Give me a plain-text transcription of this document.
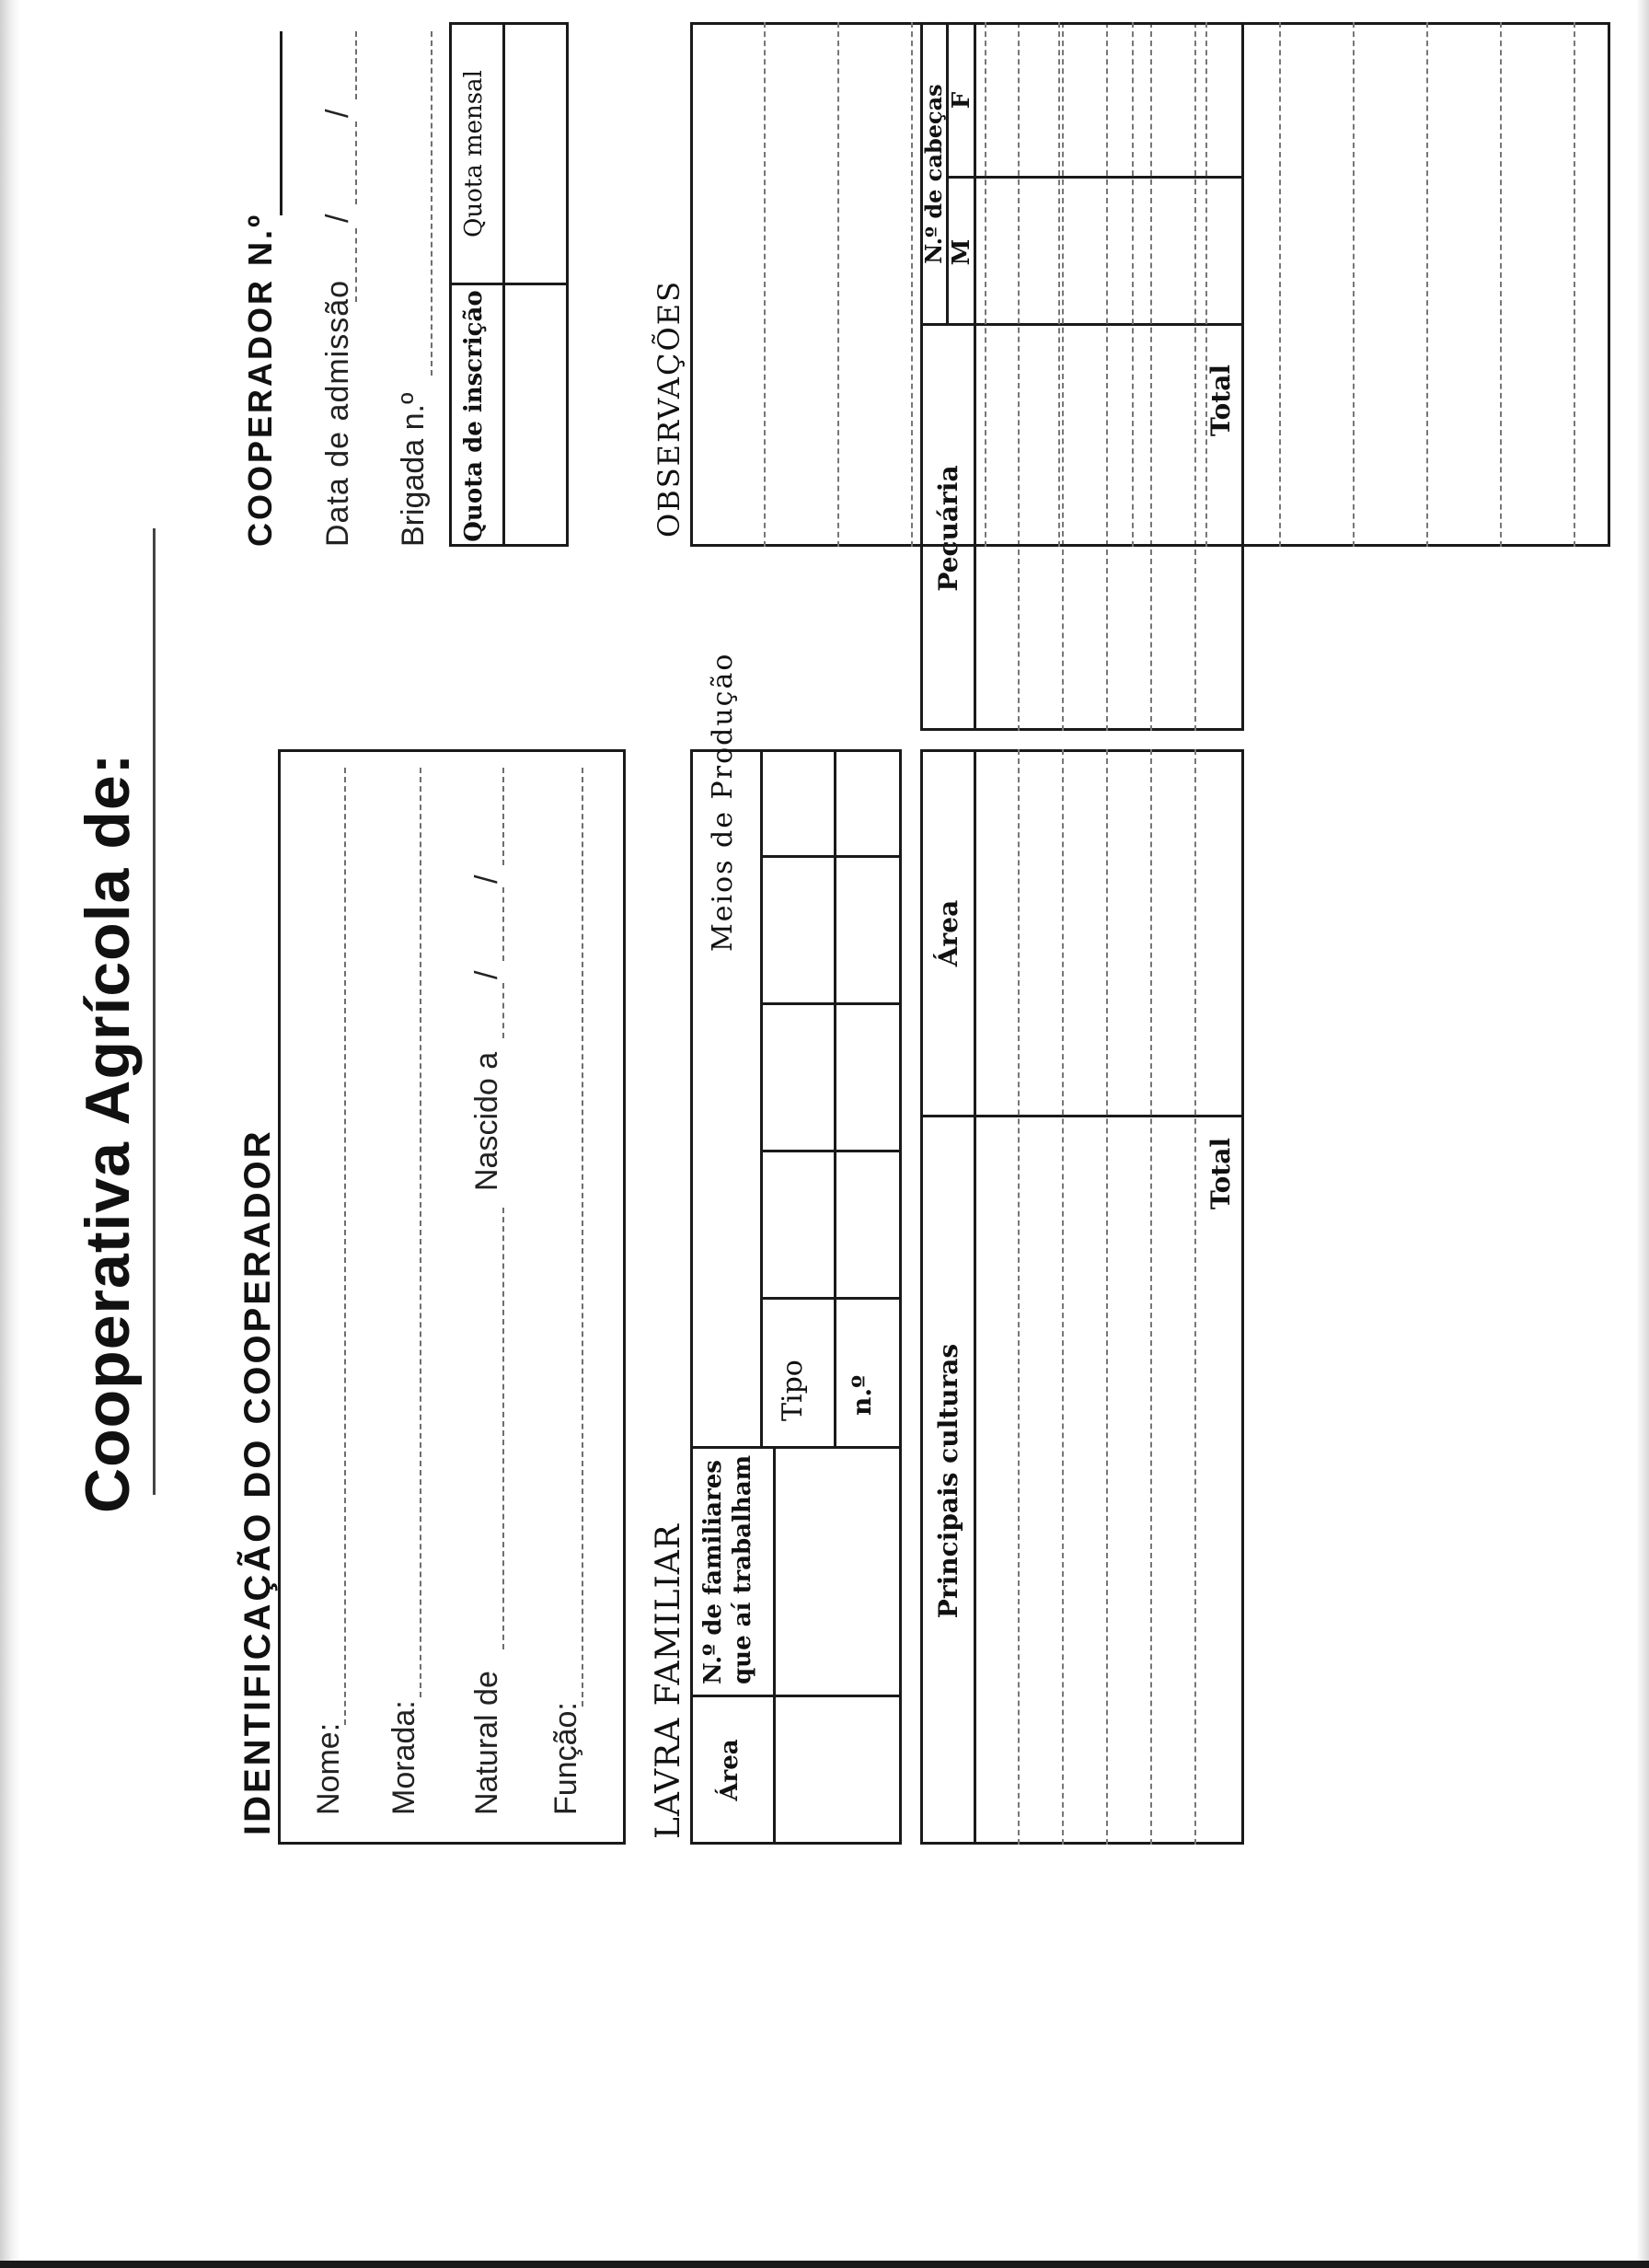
Cooperativa Agrícola de:	IDENTIFICAÇÃO DO COOPERADOR Nome: Morada: Natural de
Nascido a
/
/
Função: LAVRA FAMILIAR Área
N.º de familiares que aí trabalham
Meios de Produção
Tipo n.º Principais culturas
Área
Total
Pecuária
N.º de cabeças M
F
Total
COOPERADOR N.º Data de admissão
/
/
Brigada n.º Quota de inscrição
Quota mensal
OBSERVAÇÕES
